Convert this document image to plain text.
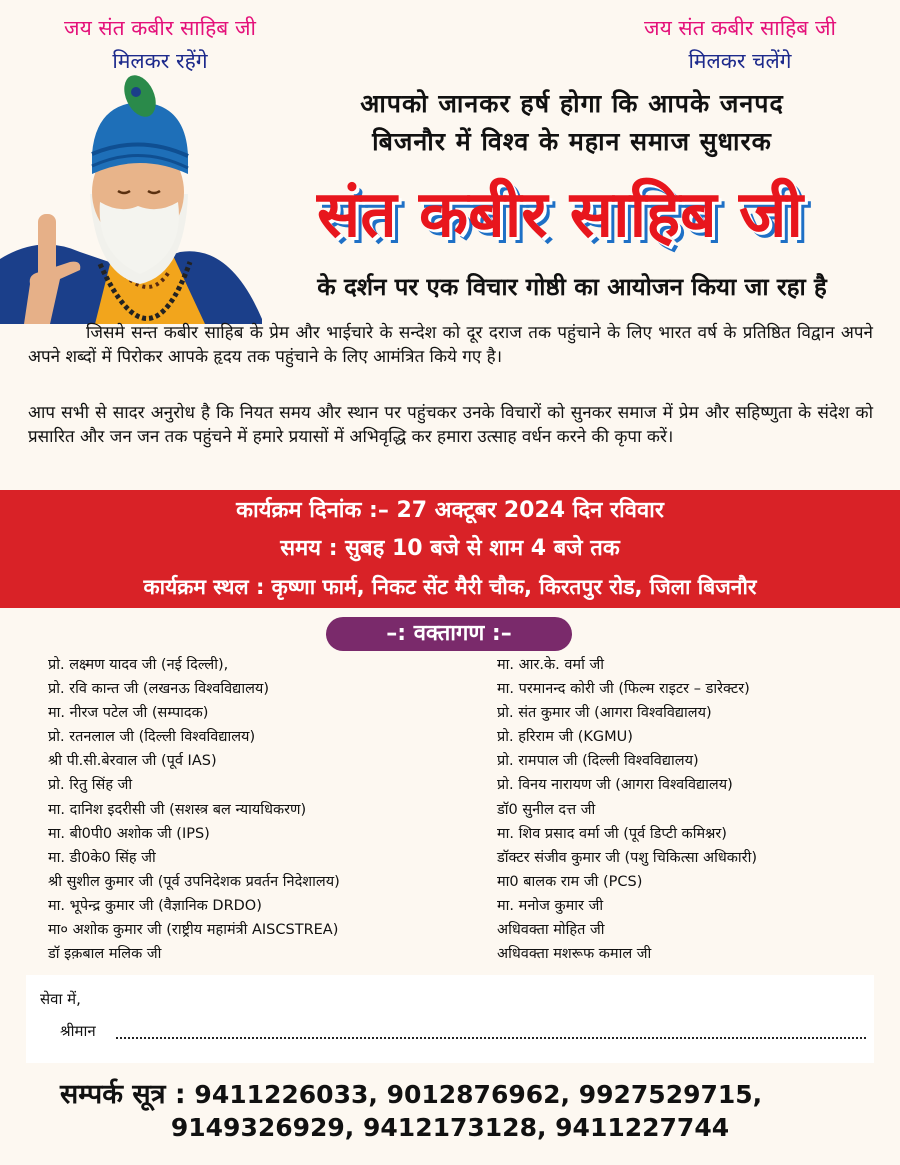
जय संत कबीर साहिब जी
मिलकर रहेंगे
जय संत कबीर साहिब जी
मिलकर चलेंगे
आपको जानकर हर्ष होगा कि आपके जनपद
बिजनौर में विश्व के महान समाज सुधारक
संत कबीर साहिब जी
के दर्शन पर एक विचार गोष्ठी का आयोजन किया जा रहा है
जिसमे सन्त कबीर साहिब के प्रेम और भाईचारे के सन्देश को दूर दराज तक पहुंचाने के लिए भारत वर्ष के प्रतिष्ठित विद्वान अपने अपने शब्दों में पिरोकर आपके हृदय तक पहुंचाने के लिए आमंत्रित किये गए है।
आप सभी से सादर अनुरोध है कि नियत समय और स्थान पर पहुंचकर उनके विचारों को सुनकर समाज में प्रेम और सहिष्णुता के संदेश को प्रसारित और जन जन तक पहुंचने में हमारे प्रयासों में अभिवृद्धि कर हमारा उत्साह वर्धन करने की कृपा करें।
कार्यक्रम दिनांक :– 27 अक्टूबर 2024 दिन रविवार
समय : सुबह 10 बजे से शाम 4 बजे तक
कार्यक्रम स्थल : कृष्णा फार्म, निकट सेंट मैरी चौक, किरतपुर रोड, जिला बिजनौर
–: वक्तागण :–
प्रो. लक्ष्मण यादव जी (नई दिल्ली),
प्रो. रवि कान्त जी (लखनऊ विश्वविद्यालय)
मा. नीरज पटेल जी (सम्पादक)
प्रो. रतनलाल जी (दिल्ली विश्वविद्यालय)
श्री पी.सी.बेरवाल जी (पूर्व IAS)
प्रो. रितु सिंह जी
मा. दानिश इदरीसी जी (सशस्त्र बल न्यायधिकरण)
मा. बी0पी0 अशोक जी (IPS)
मा. डी0के0 सिंह जी
श्री सुशील कुमार जी (पूर्व उपनिदेशक प्रवर्तन निदेशालय)
मा. भूपेन्द्र कुमार जी (वैज्ञानिक DRDO)
मा० अशोक कुमार जी (राष्ट्रीय महामंत्री AISCSTREA)
डॉ इक़बाल मलिक जी
मा. आर.के. वर्मा जी
मा. परमानन्द कोरी जी (फिल्म राइटर – डारेक्टर)
प्रो. संत कुमार जी (आगरा विश्वविद्यालय)
प्रो. हरिराम जी (KGMU)
प्रो. रामपाल जी (दिल्ली विश्वविद्यालय)
प्रो. विनय नारायण जी (आगरा विश्वविद्यालय)
डॉ0 सुनील दत्त जी
मा. शिव प्रसाद वर्मा जी (पूर्व डिप्टी कमिश्नर)
डॉक्टर संजीव कुमार जी (पशु चिकित्सा अधिकारी)
मा0 बालक राम जी (PCS)
मा. मनोज कुमार जी
अधिवक्ता मोहित जी
अधिवक्ता मशरूफ कमाल जी
सेवा में,
श्रीमान
सम्पर्क सूत्र : 9411226033, 9012876962, 9927529715,
9149326929, 9412173128, 9411227744
